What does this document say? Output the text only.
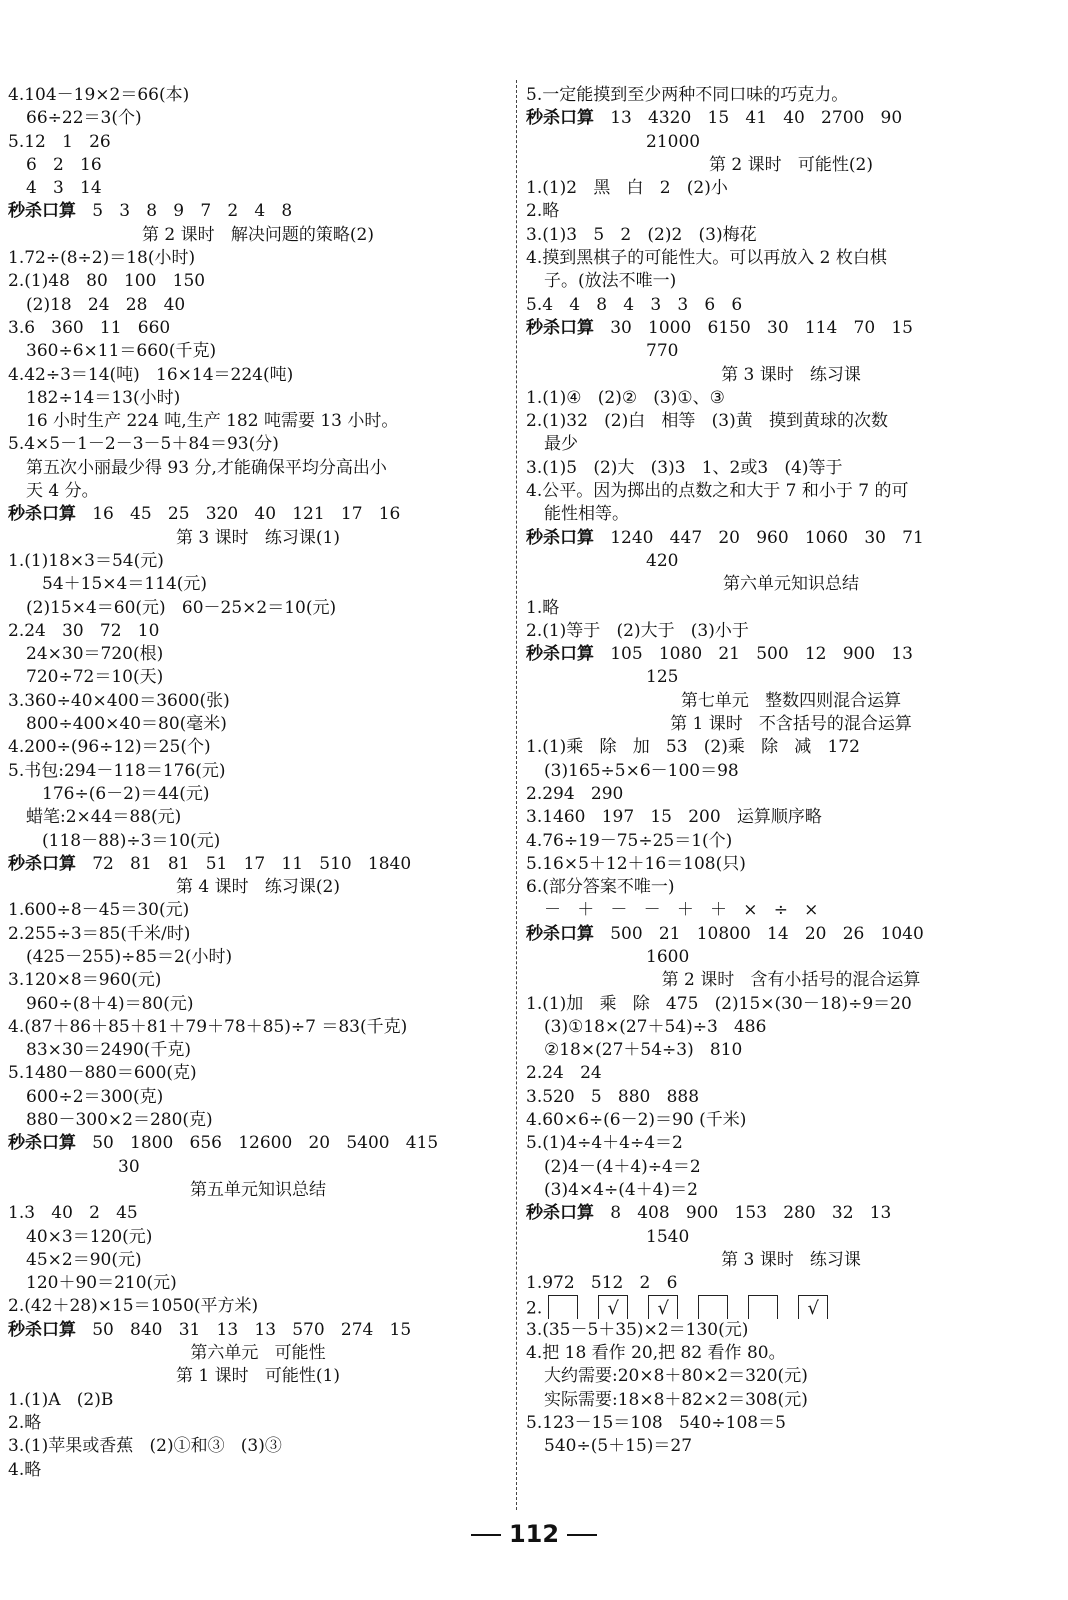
4.104－19×2＝66(本)
66÷22＝3(个)
5.12   1   26
6   2   16
4   3   14
秒杀口算   5   3   8   9   7   2   4   8
第 2 课时   解决问题的策略(2)
1.72÷(8÷2)＝18(小时)
2.(1)48   80   100   150
(2)18   24   28   40
3.6   360   11   660
360÷6×11＝660(千克)
4.42÷3＝14(吨)   16×14＝224(吨)
182÷14＝13(小时)
16 小时生产 224 吨,生产 182 吨需要 13 小时。
5.4×5－1－2－3－5＋84＝93(分)
第五次小丽最少得 93 分,才能确保平均分高出小
天 4 分。
秒杀口算   16   45   25   320   40   121   17   16
第 3 课时   练习课(1)
1.(1)18×3＝54(元)
54＋15×4＝114(元)
(2)15×4＝60(元)   60－25×2＝10(元)
2.24   30   72   10
24×30＝720(根)
720÷72＝10(天)
3.360÷40×400＝3600(张)
800÷400×40＝80(毫米)
4.200÷(96÷12)＝25(个)
5.书包:294－118＝176(元)
176÷(6－2)＝44(元)
蜡笔:2×44＝88(元)
(118－88)÷3＝10(元)
秒杀口算   72   81   81   51   17   11   510   1840
第 4 课时   练习课(2)
1.600÷8－45＝30(元)
2.255÷3＝85(千米/时)
(425－255)÷85＝2(小时)
3.120×8＝960(元)
960÷(8＋4)＝80(元)
4.(87＋86＋85＋81＋79＋78＋85)÷7 ＝83(千克)
83×30＝2490(千克)
5.1480－880＝600(克)
600÷2＝300(克)
880－300×2＝280(克)
秒杀口算   50   1800   656   12600   20   5400   415
30
第五单元知识总结
1.3   40   2   45
40×3＝120(元)
45×2＝90(元)
120＋90＝210(元)
2.(42＋28)×15＝1050(平方米)
秒杀口算   50   840   31   13   13   570   274   15
第六单元   可能性
第 1 课时   可能性(1)
1.(1)A   (2)B
2.略
3.(1)苹果或香蕉   (2)①和③   (3)③
4.略
5.一定能摸到至少两种不同口味的巧克力。
秒杀口算   13   4320   15   41   40   2700   90
21000
第 2 课时   可能性(2)
1.(1)2   黑   白   2   (2)小
2.略
3.(1)3   5   2   (2)2   (3)梅花
4.摸到黑棋子的可能性大。可以再放入 2 枚白棋
子。(放法不唯一)
5.4   4   8   4   3   3   6   6
秒杀口算   30   1000   6150   30   114   70   15
770
第 3 课时   练习课
1.(1)④   (2)②   (3)①、③
2.(1)32   (2)白   相等   (3)黄   摸到黄球的次数
最少
3.(1)5   (2)大   (3)3   1、2或3   (4)等于
4.公平。因为掷出的点数之和大于 7 和小于 7 的可
能性相等。
秒杀口算   1240   447   20   960   1060   30   71
420
第六单元知识总结
1.略
2.(1)等于   (2)大于   (3)小于
秒杀口算   105   1080   21   500   12   900   13
125
第七单元   整数四则混合运算
第 1 课时   不含括号的混合运算
1.(1)乘   除   加   53   (2)乘   除   减   172
(3)165÷5×6－100＝98
2.294   290
3.1460   197   15   200   运算顺序略
4.76÷19－75÷25＝1(个)
5.16×5＋12＋16＝108(只)
6.(部分答案不唯一)
－   ＋   －   －   ＋   ＋   ×   ÷   ×
秒杀口算   500   21   10800   14   20   26   1040
1600
第 2 课时   含有小括号的混合运算
1.(1)加   乘   除   475   (2)15×(30－18)÷9＝20
(3)①18×(27＋54)÷3   486
②18×(27＋54÷3)   810
2.24   24
3.520   5   880   888
4.60×6÷(6－2)＝90 (千米)
5.(1)4÷4＋4÷4＝2
(2)4－(4＋4)÷4＝2
(3)4×4÷(4＋4)＝2
秒杀口算   8   408   900   153   280   32   13
1540
第 3 课时   练习课
1.972   512   2   6
2.	√	√	√
3.(35－5＋35)×2＝130(元)
4.把 18 看作 20,把 82 看作 80。
大约需要:20×8＋80×2＝320(元)
实际需要:18×8＋82×2＝308(元)
5.123－15＝108   540÷108＝5
540÷(5＋15)＝27
112
